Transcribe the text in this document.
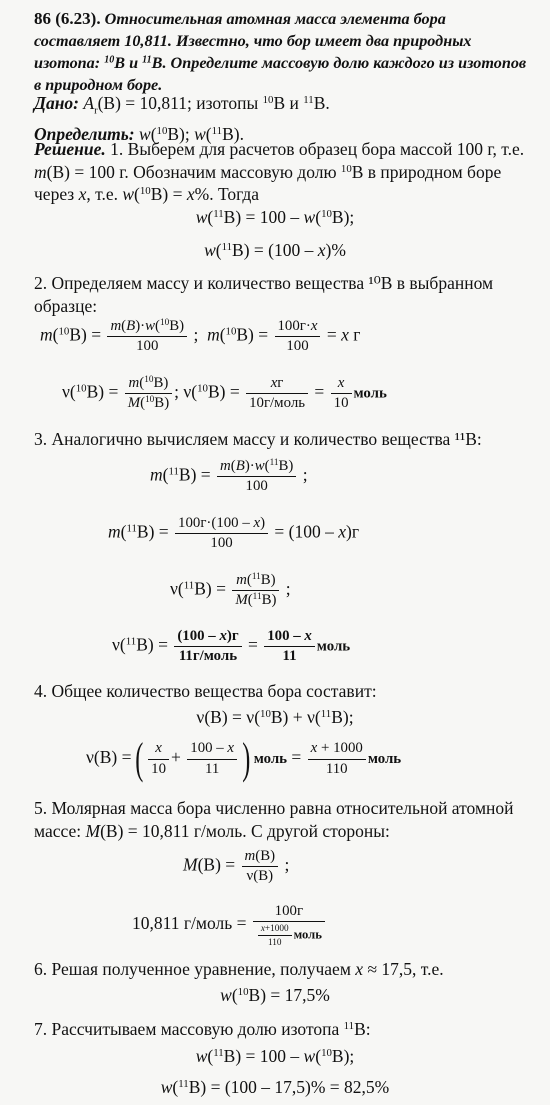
86 (6.23). Относительная атомная масса элемента бора составляет 10,811. Известно, что бор имеет два природных изотопа: $^{10}$B и $^{11}$B. Определите массовую долю каждого из изотопов в природном боре.
Дано: $A_r(B) = 10,811$; изотопы $^{10}$B и $^{11}$B.
Определить: w($^{10}$B); w($^{11}$B).
Решение. 1. Выберем для расчетов образец бора массой 100 г, т.е. m(B) = 100 г. Обозначим массовую долю $^{10}$B в природном боре через x, т.е. w($^{10}$B) = x%. Тогда
w($^{11}$B) = 100 – w($^{10}$B);
w($^{11}$B) = (100 – x)%
2. Определяем массу и количество вещества ¹⁰B в выбранном образце:
$m(^{10}B) = \frac{m(B)\cdot w(^{10}B)}{100}$ ;  $m(^{10}B) = \frac{100г\cdot x}{100} = x$ г
$\nu(^{10}B) = \frac{m(^{10}B)}{M(^{10}B)}$ ; $\nu(^{10}B) = \frac{xг}{\text{10г/моль}} = \frac{x}{10}$ моль
3. Аналогично вычисляем массу и количество вещества ¹¹B:
$m(^{11}B) = \frac{m(B)\cdot w(^{11}B)}{100}$ ;
$m(^{11}B) = \frac{100г\cdot(100 - x)}{100} = (100 - x)г$
$\nu(^{11}B) = \frac{m(^{11}B)}{M(^{11}B)}$ ;
$\nu(^{11}B) = \frac{(100 - x)г}{\text{11г/моль}} = \frac{100 - x}{11}$ моль
4. Общее количество вещества бора составит:
ν(B) = ν($^{10}$B) + ν($^{11}$B);
ν(B) =( $\frac{x}{10} + \frac{100 - x}{11}$ ) моль = $\frac{x + 1000}{110}$ моль
5. Молярная масса бора численно равна относительной атомной массе: M(B) = 10,811 г/моль. С другой стороны:
$M(B) = \frac{m(B)}{\nu(B)}$ ;
10,811 г/моль = $\frac{100г}{\frac{x+1000}{110} моль}$
6. Решая полученное уравнение, получаем x ≈ 17,5, т.е.
w($^{10}$B) = 17,5%
7. Рассчитываем массовую долю изотопа $^{11}$B:
w($^{11}$B) = 100 – w($^{10}$B);
w($^{11}$B) = (100 – 17,5)% = 82,5%
